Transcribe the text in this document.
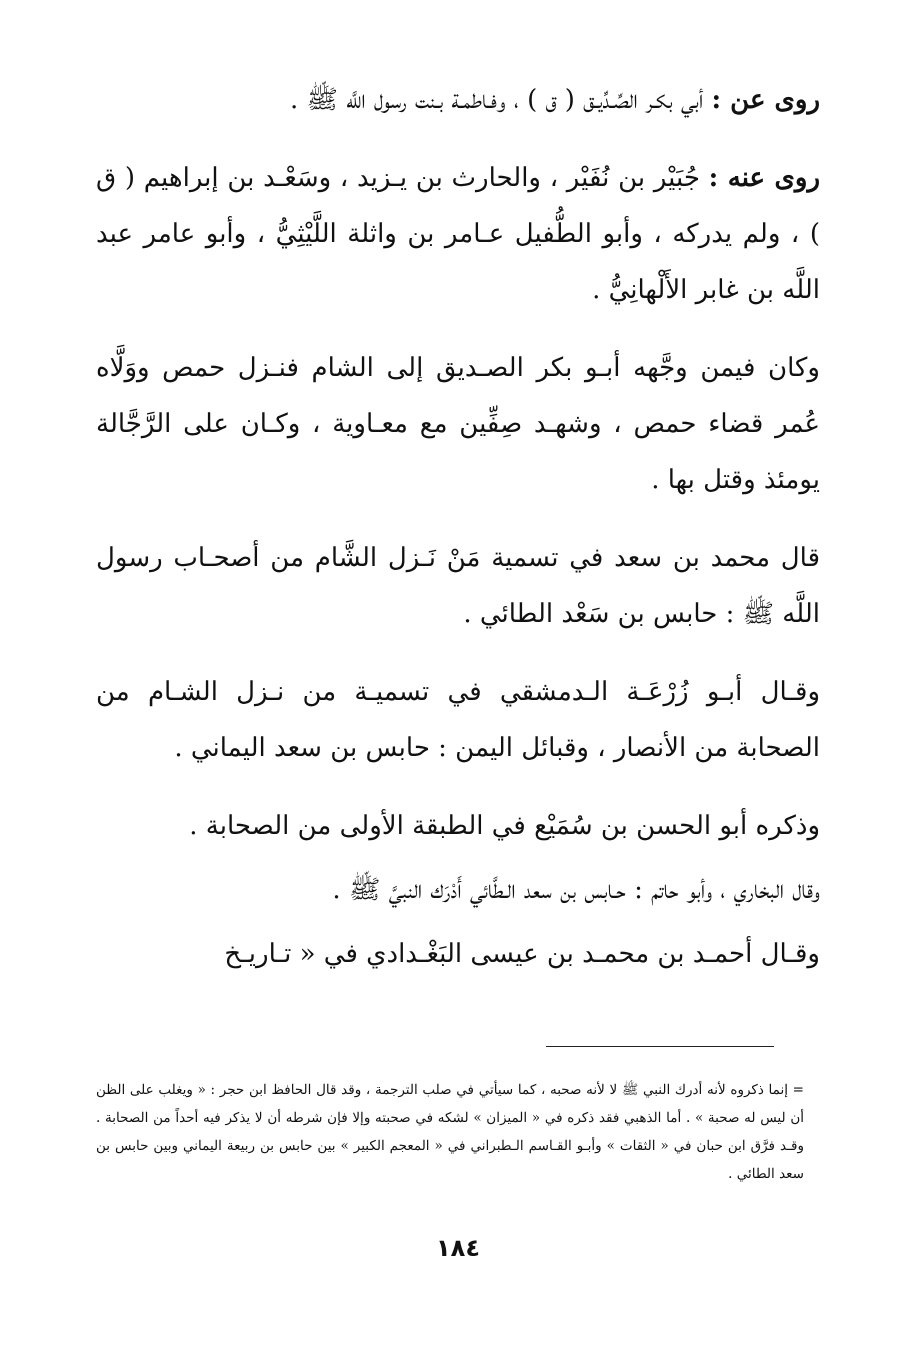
روى عن : أبي بكـر الصِّـدِّيـق ( ق ) ، وفـاطمـة بـنت رسول اللَّه ﷺ .

روى عنه : جُبَيْر بن نُفَيْر ، والحارث بن يـزيد ، وسَعْـد بن إبراهيم ( ق ) ، ولم يدركه ، وأبو الطُّفيل عـامر بن واثلة اللَّيْثِيُّ ، وأبو عامر عبد اللَّه بن غابر الأَلْهانِيُّ .

وكان فيمن وجَّهه أبـو بكر الصـديق إلى الشام فنـزل حمص ووَلَّاه عُمر قضاء حمص ، وشهـد صِفِّين مع معـاوية ، وكـان على الرَّجَّالة يومئذ وقتل بها .

قال محمد بن سعد في تسمية مَنْ نَـزل الشَّام من أصحـاب رسول اللَّه ﷺ : حابس بن سَعْد الطائي .

وقـال أبـو زُرْعَـة الـدمشقي في تسميـة من نـزل الشـام من الصحابة من الأنصار ، وقبائل اليمن : حابس بن سعد اليماني .

وذكره أبو الحسن بن سُمَيْع في الطبقة الأولى من الصحابة .

وقال البخاري ، وأبو حاتم : حـابس بن سعد الـطَّائي أَدْرَك النبيَّ ﷺ .

وقـال أحمـد بن محمـد بن عيسى البَغْـدادي في « تـاريـخ

= إنما ذكروه لأنه أدرك النبي ﷺ لا لأنه صحبه ، كما سيأتي في صلب الترجمة ، وقد قال الحافظ ابن حجر : « ويغلب على الظن أن ليس له صحبة » . أما الذهبي فقد ذكره في « الميزان » لشكه في صحبته وإلا فإن شرطه أن لا يذكر فيه أحداً من الصحابة . وقـد فرَّق ابن حبان في « الثقات » وأبـو القـاسم الـطبراني في « المعجم الكبير » بين حابس بن ربيعة اليماني وبين حابس بن سعد الطائي .

١٨٤
